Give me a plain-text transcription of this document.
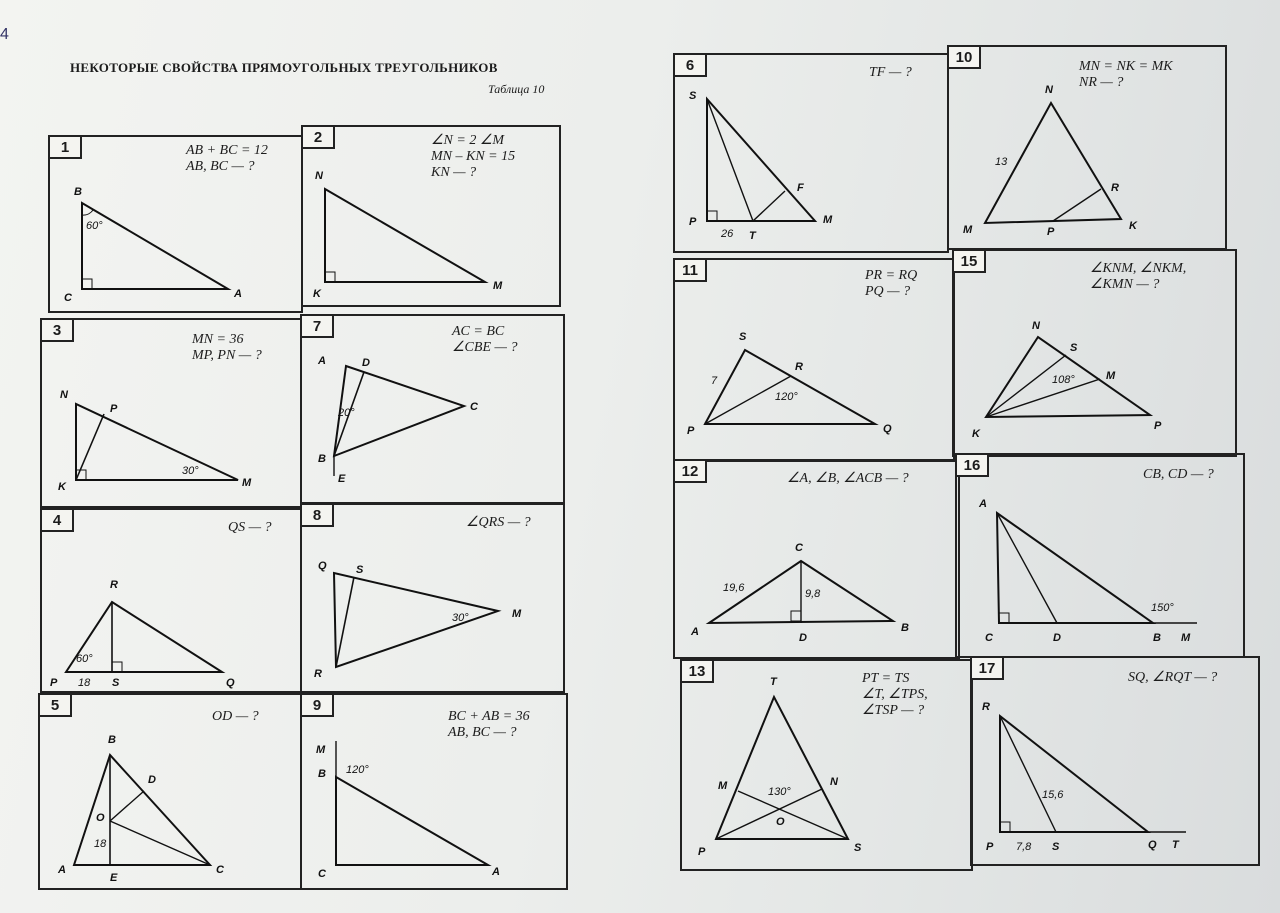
4
НЕКОТОРЫЕ СВОЙСТВА ПРЯМОУГОЛЬНЫХ ТРЕУГОЛЬНИКОВ
Таблица 10
1	AB + BC = 12
AB, BC — ?
B
C	A
60°
2	∠N = 2 ∠M
MN – KN = 15
KN — ?
N
K
M
3
MN = 36
MP, PN — ?
N
P
K	M
30°
7	AC = BC
∠CBE — ?
A	D
C
B
E
20°
4	QS — ?
R
P	S	Q
60°
18
8	∠QRS — ?
Q	S
R
M
30°
5
OD — ?
B
D
O
A
E
C
18
9
BC + AB = 36
AB, BC — ?
M
B
C	A
120°
6	TF — ?
S
F
P
T
M
26
10
MN = NK = MK
NR — ?
N
R
M	P	K
13
11	PR = RQ
PQ — ?
S
R
P	Q
7
120°
15	∠KNM, ∠NKM,
∠KMN — ?
N
S
M
K
P
108°
12	∠A, ∠B, ∠ACB — ?
C
A	D
B
19,6	9,8
16
CB, CD — ?
A
C	D	B M
150°
13	PT = TS
∠T, ∠TPS,
∠TSP — ?
T
M	N
O
P	S
130°
17
SQ, ∠RQT — ?
R
P	S	Q T
15,6
7,8
